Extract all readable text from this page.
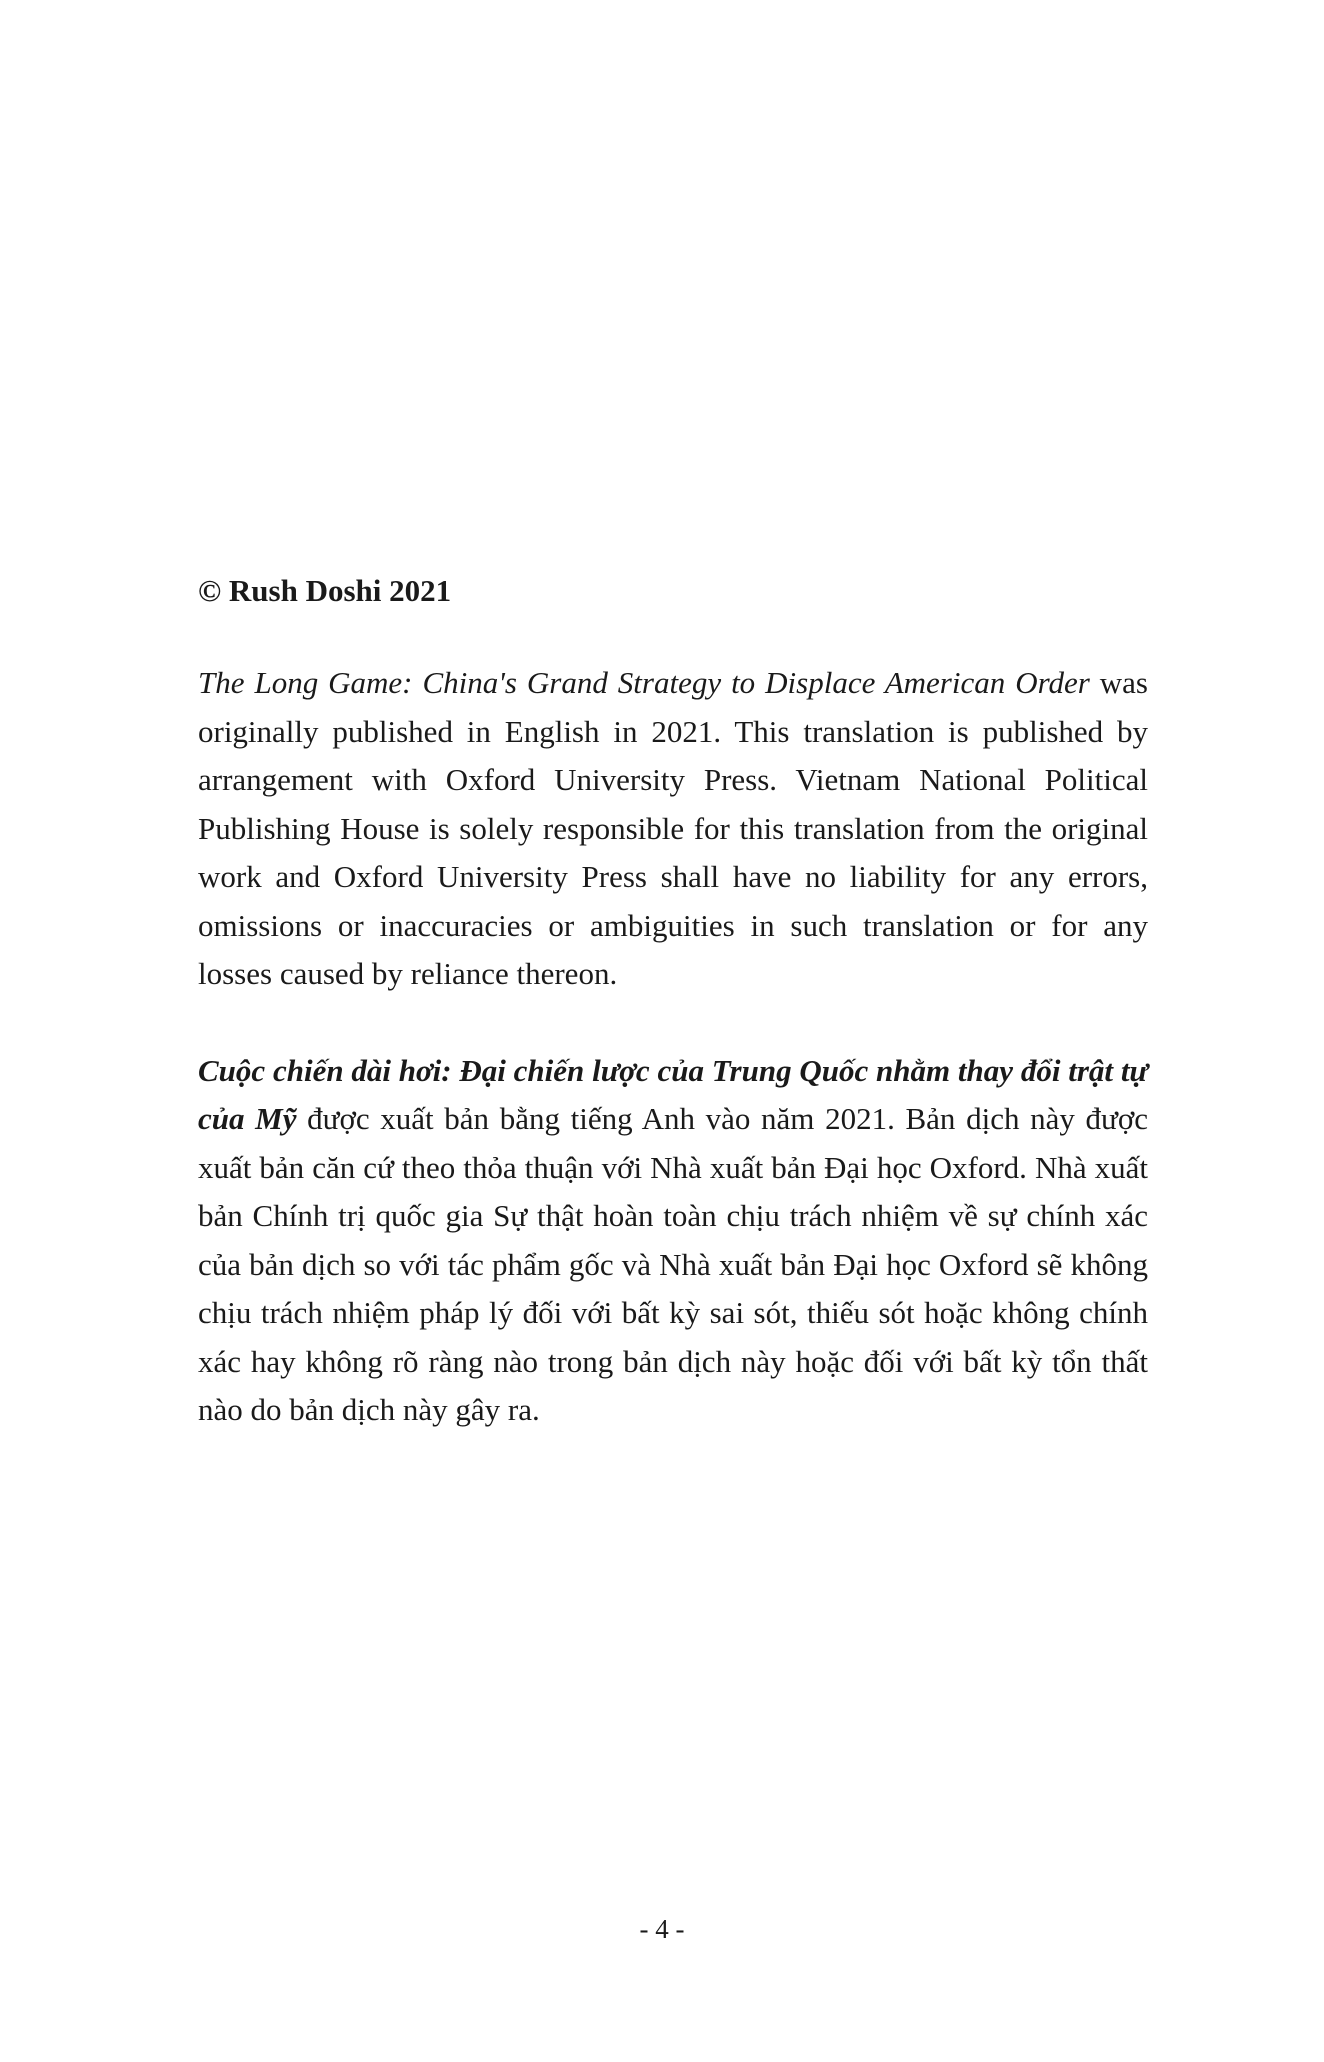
© Rush Doshi 2021

The Long Game: China's Grand Strategy to Displace American Order was originally published in English in 2021. This translation is published by arrangement with Oxford University Press. Vietnam National Political Publishing House is solely responsible for this translation from the original work and Oxford University Press shall have no liability for any errors, omissions or inaccuracies or ambiguities in such translation or for any losses caused by reliance thereon.

Cuộc chiến dài hơi: Đại chiến lược của Trung Quốc nhằm thay đổi trật tự của Mỹ được xuất bản bằng tiếng Anh vào năm 2021. Bản dịch này được xuất bản căn cứ theo thỏa thuận với Nhà xuất bản Đại học Oxford. Nhà xuất bản Chính trị quốc gia Sự thật hoàn toàn chịu trách nhiệm về sự chính xác của bản dịch so với tác phẩm gốc và Nhà xuất bản Đại học Oxford sẽ không chịu trách nhiệm pháp lý đối với bất kỳ sai sót, thiếu sót hoặc không chính xác hay không rõ ràng nào trong bản dịch này hoặc đối với bất kỳ tổn thất nào do bản dịch này gây ra.

- 4 -
